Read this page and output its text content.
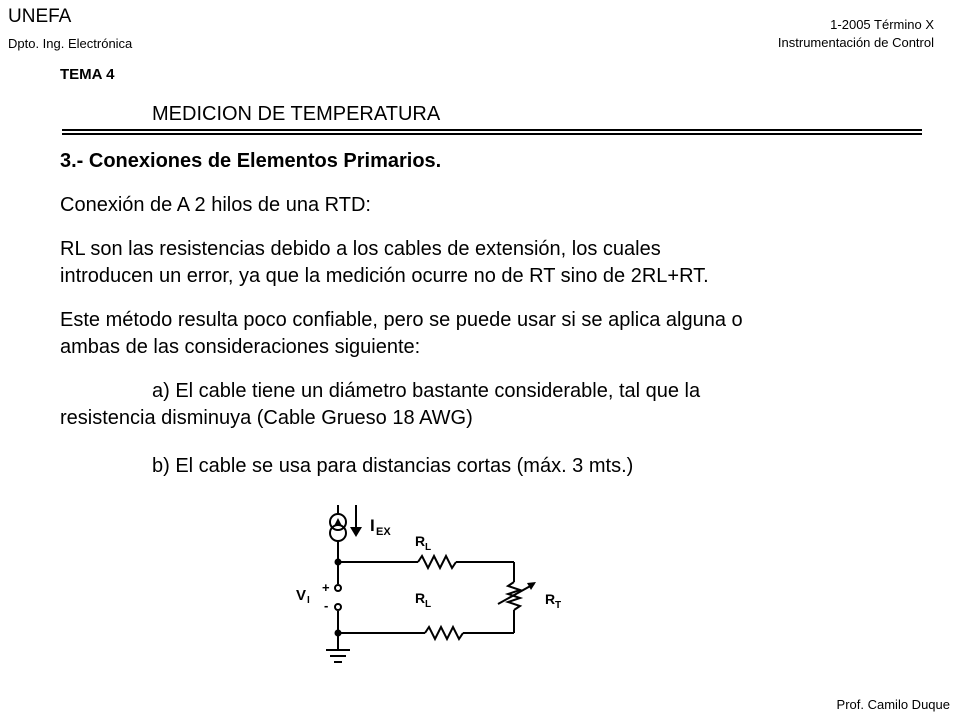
UNEFA
Dpto. Ing. Electrónica
1-2005 Término X
Instrumentación de Control
TEMA 4
MEDICION DE TEMPERATURA
3.- Conexiones de Elementos Primarios.
Conexión de A 2 hilos de una RTD:
RL son las resistencias debido a los cables de extensión, los cuales
introducen un error, ya que la medición ocurre no de RT sino de 2RL+RT.
Este método resulta poco confiable, pero se puede usar si se aplica alguna o
ambas de las consideraciones siguiente:
a) El cable tiene un diámetro bastante considerable, tal que la
resistencia disminuya (Cable Grueso 18 AWG)
b) El cable se usa para distancias cortas (máx. 3 mts.)
I EX
V I
+
-
R L
R L	R T
Prof. Camilo Duque
